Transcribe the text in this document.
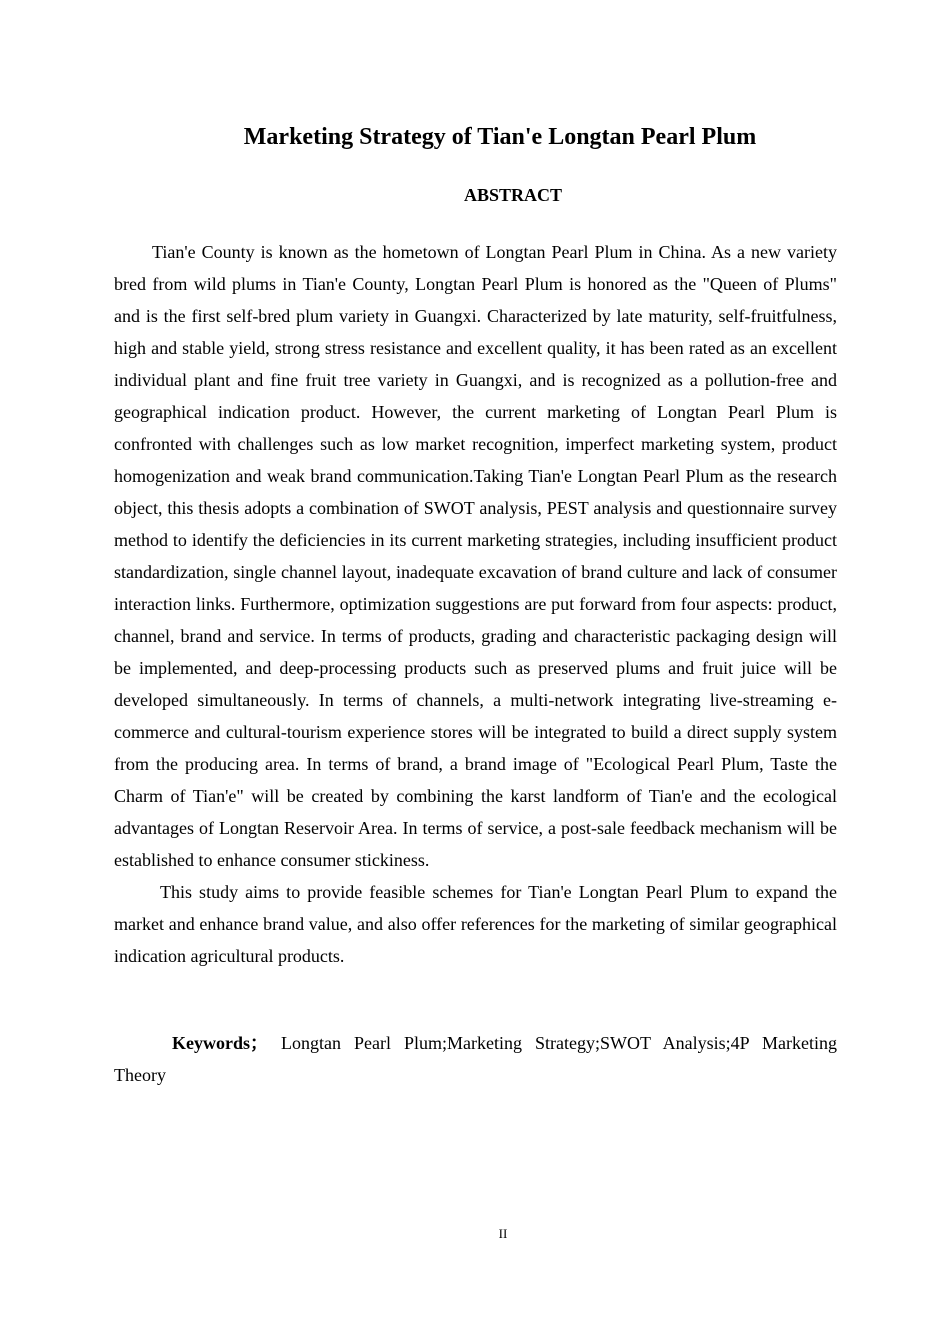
Marketing Strategy of Tian'e Longtan Pearl Plum
ABSTRACT

Tian'e County is known as the hometown of Longtan Pearl Plum in China. As a new variety bred from wild plums in Tian'e County, Longtan Pearl Plum is honored as the "Queen of Plums" and is the first self-bred plum variety in Guangxi. Characterized by late maturity, self-fruitfulness, high and stable yield, strong stress resistance and excellent quality, it has been rated as an excellent individual plant and fine fruit tree variety in Guangxi, and is recognized as a pollution-free and geographical indication product. However, the current marketing of Longtan Pearl Plum is confronted with challenges such as low market recognition, imperfect marketing system, product homogenization and weak brand communication.Taking Tian'e Longtan Pearl Plum as the research object, this thesis adopts a combination of SWOT analysis, PEST analysis and questionnaire survey method to identify the deficiencies in its current marketing strategies, including insufficient product standardization, single channel layout, inadequate excavation of brand culture and lack of consumer interaction links. Furthermore, optimization suggestions are put forward from four aspects: product, channel, brand and service. In terms of products, grading and characteristic packaging design will be implemented, and deep-processing products such as preserved plums and fruit juice will be developed simultaneously. In terms of channels, a multi-network integrating live-streaming e-commerce and cultural-tourism experience stores will be integrated to build a direct supply system from the producing area. In terms of brand, a brand image of "Ecological Pearl Plum, Taste the Charm of Tian'e" will be created by combining the karst landform of Tian'e and the ecological advantages of Longtan Reservoir Area. In terms of service, a post-sale feedback mechanism will be established to enhance consumer stickiness.

This study aims to provide feasible schemes for Tian'e Longtan Pearl Plum to expand the market and enhance brand value, and also offer references for the marketing of similar geographical indication agricultural products.

Keywords； Longtan Pearl Plum;Marketing Strategy;SWOT Analysis;4P Marketing Theory
II
